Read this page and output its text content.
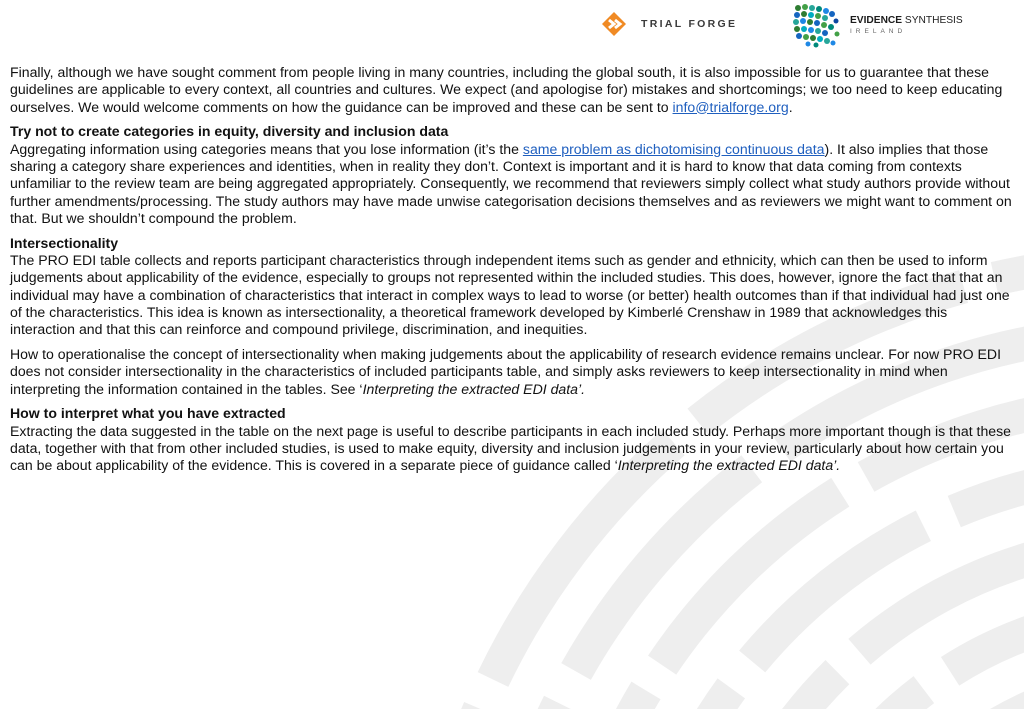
TRIAL FORGE	EVIDENCE SYNTHESIS
IRELAND

Finally, although we have sought comment from people living in many countries, including the global south, it is also impossible for us to guarantee that these guidelines are applicable to every context, all countries and cultures. We expect (and apologise for) mistakes and shortcomings; we too need to keep educating ourselves. We would welcome comments on how the guidance can be improved and these can be sent to info@trialforge.org.

Try not to create categories in equity, diversity and inclusion data
Aggregating information using categories means that you lose information (it’s the same problem as dichotomising continuous data). It also implies that those sharing a category share experiences and identities, when in reality they don’t. Context is important and it is hard to know that data coming from contexts unfamiliar to the review team are being aggregated appropriately. Consequently, we recommend that reviewers simply collect what study authors provide without further amendments/processing. The study authors may have made unwise categorisation decisions themselves and as reviewers we might want to comment on that. But we shouldn’t compound the problem.

Intersectionality
The PRO EDI table collects and reports participant characteristics through independent items such as gender and ethnicity, which can then be used to inform judgements about applicability of the evidence, especially to groups not represented within the included studies. This does, however, ignore the fact that that an individual may have a combination of characteristics that interact in complex ways to lead to worse (or better) health outcomes than if that individual had just one of the characteristics. This idea is known as intersectionality, a theoretical framework developed by Kimberlé Crenshaw in 1989 that acknowledges this interaction and that this can reinforce and compound privilege, discrimination, and inequities.

How to operationalise the concept of intersectionality when making judgements about the applicability of research evidence remains unclear. For now PRO EDI does not consider intersectionality in the characteristics of included participants table, and simply asks reviewers to keep intersectionality in mind when interpreting the information contained in the tables. See ‘Interpreting the extracted EDI data’.

How to interpret what you have extracted
Extracting the data suggested in the table on the next page is useful to describe participants in each included study. Perhaps more important though is that these data, together with that from other included studies, is used to make equity, diversity and inclusion judgements in your review, particularly about how certain you can be about applicability of the evidence. This is covered in a separate piece of guidance called ‘Interpreting the extracted EDI data’.
